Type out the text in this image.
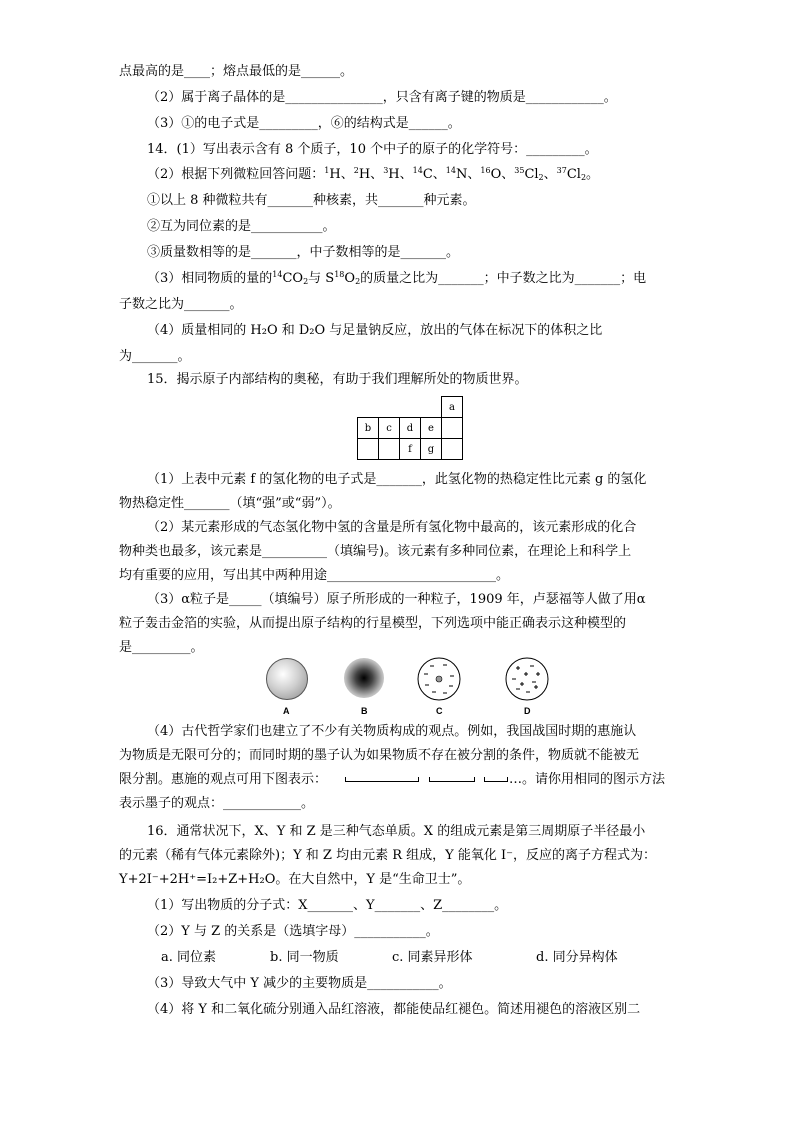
点最高的是____；熔点最低的是______。
（2）属于离子晶体的是_______________，只含有离子键的物质是____________。
（3）①的电子式是_________，⑥的结构式是______。
14．(1）写出表示含有 8 个质子，10 个中子的原子的化学符号：_________。
（2）根据下列微粒回答问题：$^1$H、$^2$H、$^3$H、$^{14}$C、$^{14}$N、$^{16}$O、$^{35}Cl_2$、$^{37}Cl_2$。
①以上 8 种微粒共有_______种核素，共_______种元素。
②互为同位素的是___________。
③质量数相等的是_______，中子数相等的是_______。
（3）相同物质的量的$^{14}CO_2$与 $S^{18}O_2$的质量之比为_______；中子数之比为_______；电
子数之比为_______。
（4）质量相同的 H₂O 和 D₂O 与足量钠反应，放出的气体在标况下的体积之比
为_______。
15．揭示原子内部结构的奥秘，有助于我们理解所处的物质世界。
				a
b	c	d	e	
		f	g	
（1）上表中元素 f 的氢化物的电子式是_______，此氢化物的热稳定性比元素 g 的氢化
物热稳定性_______（填“强”或“弱”）。
（2）某元素形成的气态氢化物中氢的含量是所有氢化物中最高的，该元素形成的化合
物种类也最多，该元素是__________（填编号)。该元素有多种同位素，在理论上和科学上
均有重要的应用，写出其中两种用途__________________________。
（3）α粒子是_____（填编号）原子所形成的一种粒子，1909 年，卢瑟福等人做了用α
粒子轰击金箔的实验，从而提出原子结构的行星模型，下列选项中能正确表示这种模型的
是_________。
A	B	C	D
（4）古代哲学家们也建立了不少有关物质构成的观点。例如，我国战国时期的惠施认
为物质是无限可分的；而同时期的墨子认为如果物质不存在被分割的条件，物质就不能被无
限分割。惠施的观点可用下图表示：	…。请你用相同的图示方法
表示墨子的观点：____________。
16．通常状况下，X、Y 和 Z 是三种气态单质。X 的组成元素是第三周期原子半径最小
的元素（稀有气体元素除外)；Y 和 Z 均由元素 R 组成，Y 能氧化 I⁻，反应的离子方程式为：
Y+2I⁻+2H⁺=I₂+Z+H₂O。在大自然中，Y 是“生命卫士”。
（1）写出物质的分子式：X_______、Y_______、Z________。
（2）Y 与 Z 的关系是（选填字母）___________。
a. 同位素	b. 同一物质	c. 同素异形体	d. 同分异构体
（3）导致大气中 Y 减少的主要物质是___________。
（4）将 Y 和二氧化硫分别通入品红溶液，都能使品红褪色。简述用褪色的溶液区别二
